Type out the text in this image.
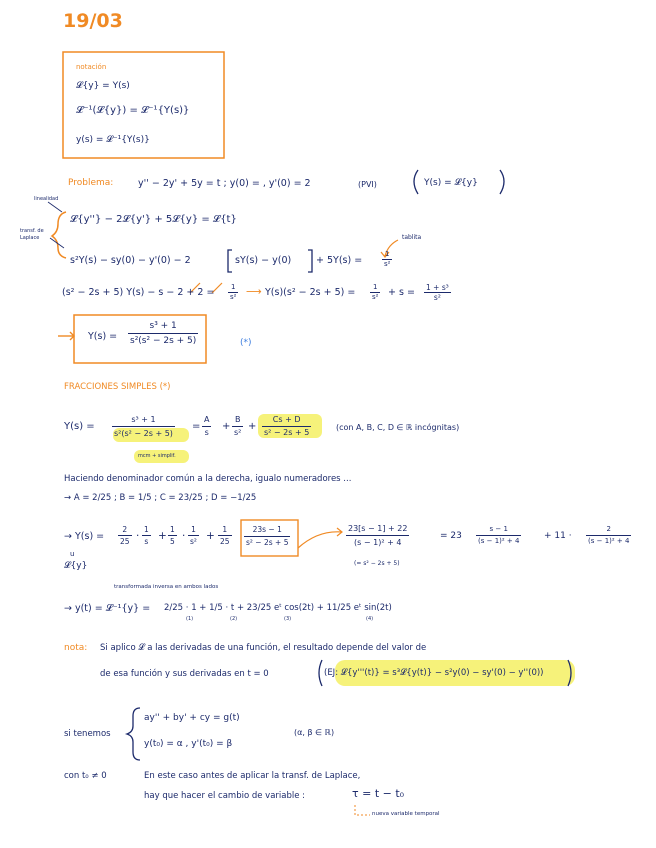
19/03
notación
𝓛{y} = Y(s)
𝓛⁻¹(𝓛{y}) = 𝓛⁻¹{Y(s)}
y(s) = 𝓛⁻¹{Y(s)}
Problema:	y'' − 2y' + 5y = t ; y(0) = , y'(0) = 2	(PVI)	Y(s) = 𝓛{y}
linealidad
transf. de Laplace	tablita
𝓛{y''} − 2𝓛{y'} + 5𝓛{y} = 𝓛{t}
s²Y(s) − sy(0) − y'(0) − 2	sY(s) − y(0)	+ 5Y(s) =	$\frac{1}{\text{s²}}$
(s² − 2s + 5) $Y(s) - s - 2 + 2 = \frac{1}{\text{s²}}$ ⟶ $Y(s)(s^2 - 2s + 5) = \frac{1}{\text{s²}} + s = \frac{\text{1 + s³}}{\text{s²}}$
$Y(s) = \frac{\text{s³ + 1}}{\text{s²(s² − 2s + 5)}}$	(*)
FRACCIONES SIMPLES (*)
$Y(s) = \frac{\text{s³ + 1}}{\text{s²(s² − 2s + 5)}}$
mcm + simplif.
= $\frac{A}{s} + \frac{B}{\text{s²}} + \frac{Cs + D}{\text{s² − 2s + 5}}$	(con A, B, C, D ∈ ℝ incógnitas)
Haciendo denominador común a la derecha, igualo numeradores ...
→ A = 2/25 ; B = 1/5 ; C = 23/25 ; D = −1/25
→ $Y(s) = \frac{2}{25} \cdot \frac{1}{s} + \frac{1}{5} \cdot \frac{1}{\text{s²}} + \frac{1}{25} \frac{23s - 1}{\text{s² − 2s + 5}}$
u
𝓛{y}
$\frac{23[s - 1] + 22}{\text{(s − 1)² + 4}}$
(= s² − 2s + 5)
= $23 \frac{s - 1}{\text{(s − 1)² + 4}}$	+ $11 \cdot \frac{2}{\text{(s − 1)² + 4}}$
transformada inversa en ambos lados
→ y(t) = 𝓛⁻¹{y} = 2/25 · 1 + 1/5 · t + 23/25 eᵗ cos(2t) + 11/25 eᵗ sin(2t)
(1)	(2)	(3)	(4)
nota: Si aplico 𝓛 a las derivadas de una función, el resultado depende del valor de
de esa función y sus derivadas en t = 0	(EJ: 𝓛{y'''(t)} = s³𝓛{y(t)} − s²y(0) − sy'(0) − y''(0))
si tenemos
ay'' + by' + cy = g(t)
y(t₀) = α , y'(t₀) = β
(α, β ∈ ℝ)
con t₀ ≠ 0	En este caso antes de aplicar la transf. de Laplace,
hay que hacer el cambio de variable :	τ = t − t₀
nueva variable temporal
